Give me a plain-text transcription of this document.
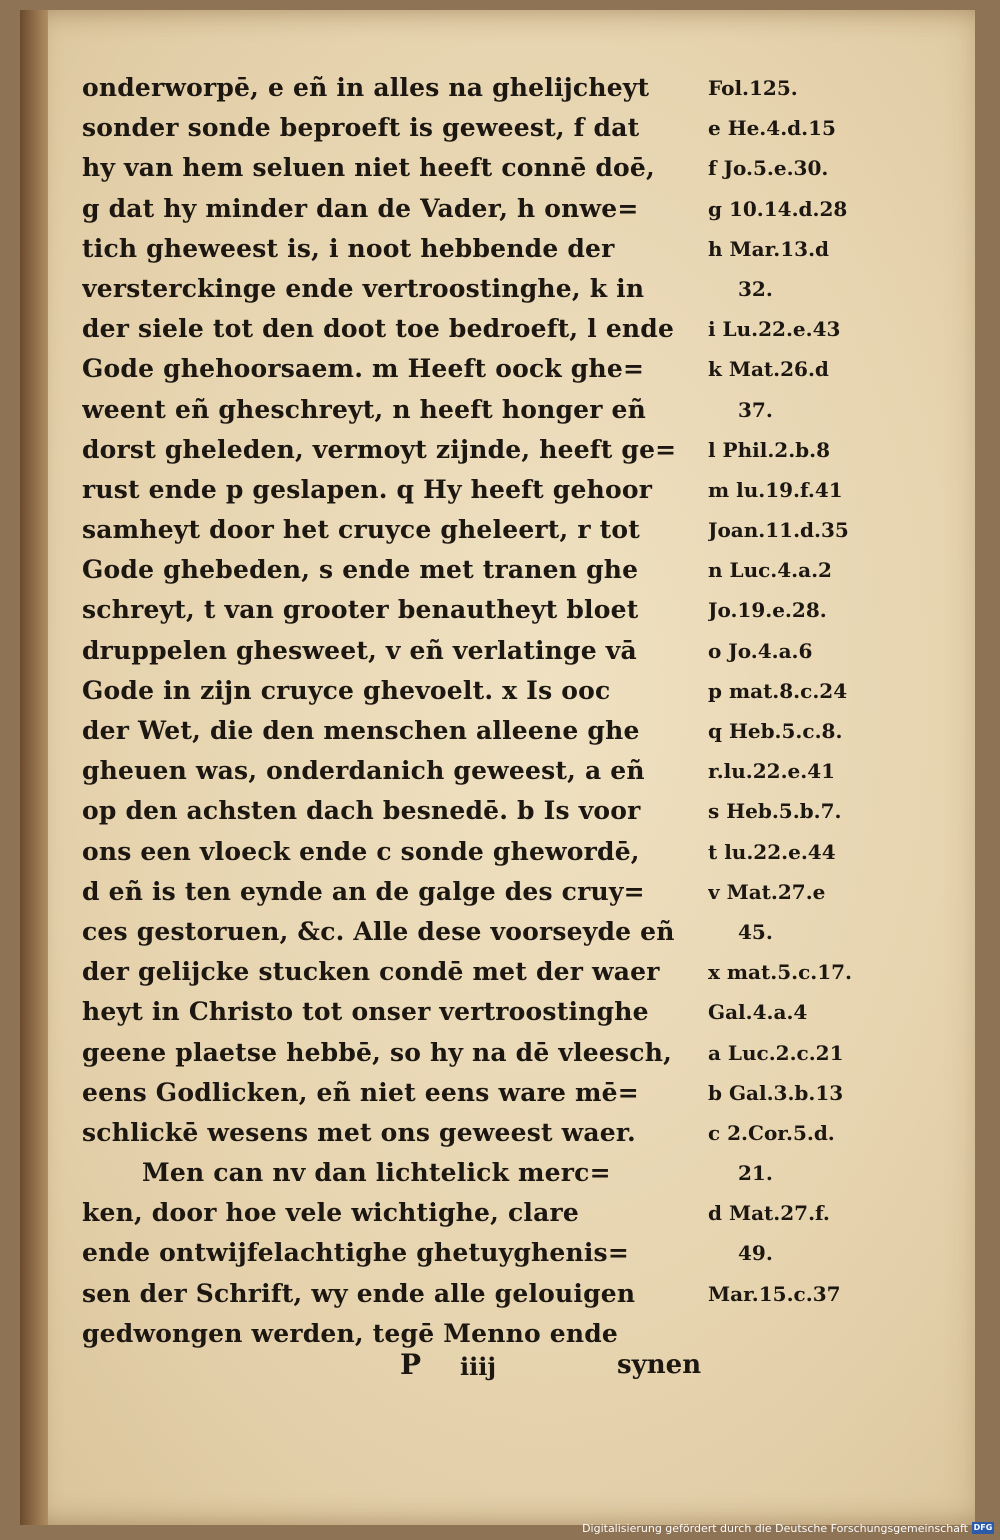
onderworpē, e eñ in alles na ghelijcheyt
sonder sonde beproeft is geweest, f dat
hy van hem seluen niet heeft connē doē,
g dat hy minder dan de Vader, h onwe=
tich gheweest is, i noot hebbende der
versterckinge ende vertroostinghe, k in
der siele tot den doot toe bedroeft, l ende
Gode ghehoorsaem. m Heeft oock ghe=
weent eñ gheschreyt, n heeft honger eñ
dorst gheleden, vermoyt zijnde, heeft ge=
rust ende p geslapen. q Hy heeft gehoor
samheyt door het cruyce gheleert, r tot
Gode ghebeden, s ende met tranen ghe
schreyt, t van grooter benautheyt bloet
druppelen ghesweet, v eñ verlatinge vā
Gode in zijn cruyce ghevoelt. x Is ooc
der Wet, die den menschen alleene ghe
gheuen was, onderdanich geweest, a eñ
op den achsten dach besnedē. b Is voor
ons een vloeck ende c sonde ghewordē,
d eñ is ten eynde an de galge des cruy=
ces gestoruen, &c. Alle dese voorseyde eñ
der gelijcke stucken condē met der waer
heyt in Christo tot onser vertroostinghe
geene plaetse hebbē, so hy na dē vleesch,
eens Godlicken, eñ niet eens ware mē=
schlickē wesens met ons geweest waer.
Men can nv dan lichtelick merc=
ken, door hoe vele wichtighe, clare
ende ontwijfelachtighe ghetuyghenis=
sen der Schrift, wy ende alle gelouigen
gedwongen werden, tegē Menno ende
Fol.125.
e He.4.d.15
f Jo.5.e.30.
g 10.14.d.28
h Mar.13.d
32.
i Lu.22.e.43
k Mat.26.d
37.
l Phil.2.b.8
m lu.19.f.41
Joan.11.d.35
n Luc.4.a.2
Jo.19.e.28.
o Jo.4.a.6
p mat.8.c.24
q Heb.5.c.8.
r.lu.22.e.41
s Heb.5.b.7.
t lu.22.e.44
v Mat.27.e
45.
x mat.5.c.17.
Gal.4.a.4
a Luc.2.c.21
b Gal.3.b.13
c 2.Cor.5.d.
21.
d Mat.27.f.
49.
Mar.15.c.37
P iiij	synen
Digitalisierung gefördert durch die Deutsche Forschungsgemeinschaft DFG
